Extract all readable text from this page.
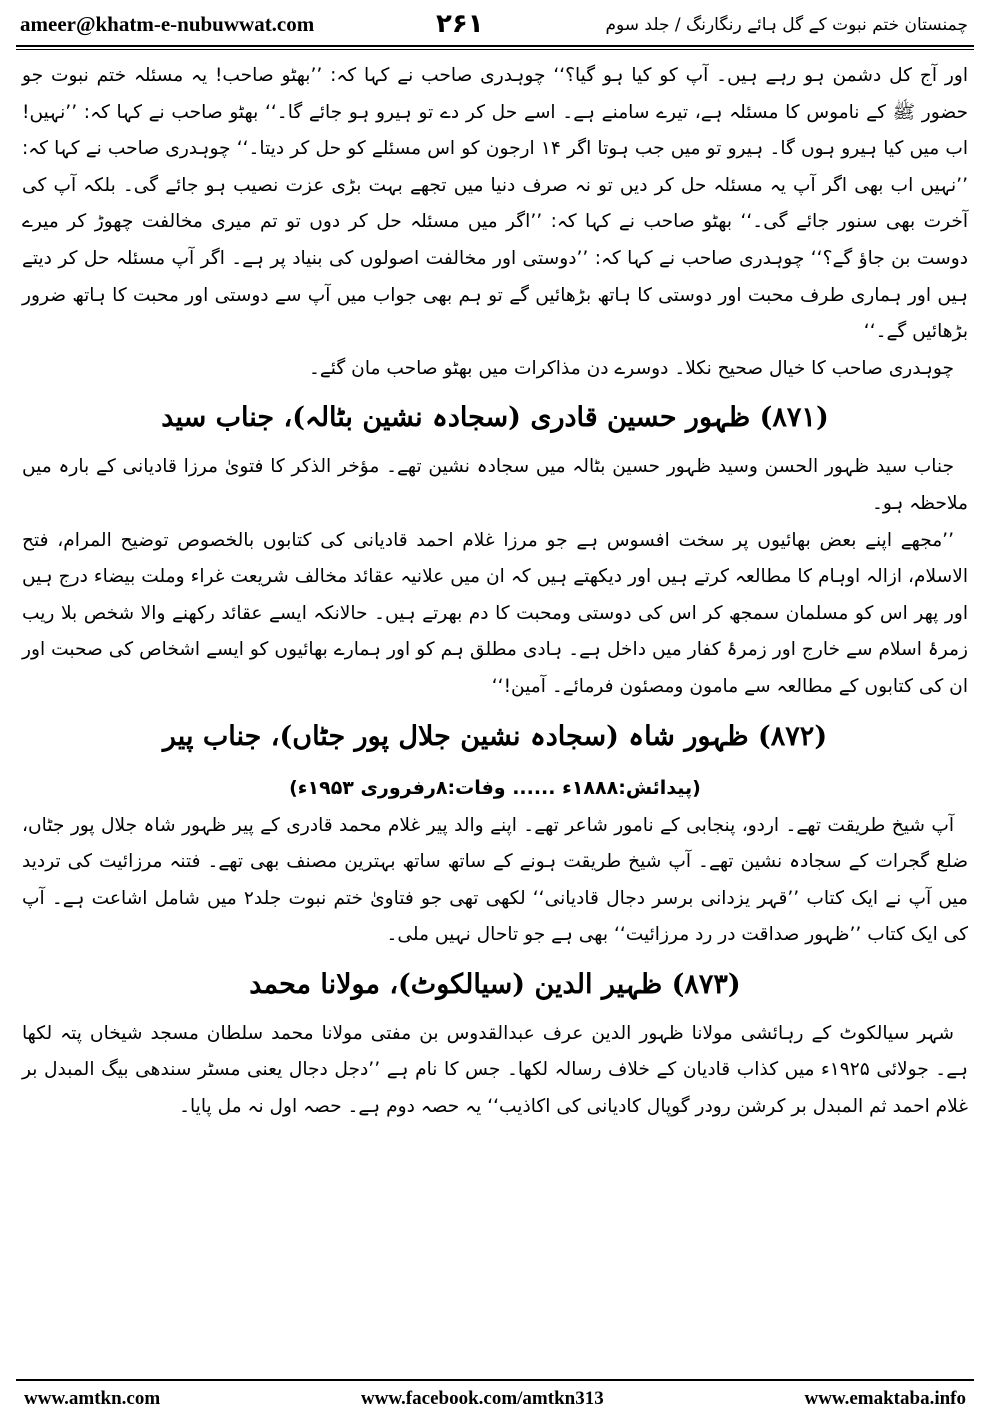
ameer@khatm-e-nubuwwat.com	۲۶۱	چمنستان ختم نبوت کے گل ہائے رنگارنگ / جلد سوم

اور آج کل دشمن ہو رہے ہیں۔ آپ کو کیا ہو گیا؟‘‘ چوہدری صاحب نے کہا کہ: ’’بھٹو صاحب! یہ مسئلہ ختم نبوت جو حضور ﷺ کے ناموس کا مسئلہ ہے، تیرے سامنے ہے۔ اسے حل کر دے تو ہیرو ہو جائے گا۔‘‘ بھٹو صاحب نے کہا کہ: ’’نہیں! اب میں کیا ہیرو ہوں گا۔ ہیرو تو میں جب ہوتا اگر ۱۴ ارجون کو اس مسئلے کو حل کر دیتا۔‘‘ چوہدری صاحب نے کہا کہ: ’’نہیں اب بھی اگر آپ یہ مسئلہ حل کر دیں تو نہ صرف دنیا میں تجھے بہت بڑی عزت نصیب ہو جائے گی۔ بلکہ آپ کی آخرت بھی سنور جائے گی۔‘‘ بھٹو صاحب نے کہا کہ: ’’اگر میں مسئلہ حل کر دوں تو تم میری مخالفت چھوڑ کر میرے دوست بن جاؤ گے؟‘‘ چوہدری صاحب نے کہا کہ: ’’دوستی اور مخالفت اصولوں کی بنیاد پر ہے۔ اگر آپ مسئلہ حل کر دیتے ہیں اور ہماری طرف محبت اور دوستی کا ہاتھ بڑھائیں گے تو ہم بھی جواب میں آپ سے دوستی اور محبت کا ہاتھ ضرور بڑھائیں گے۔‘‘

چوہدری صاحب کا خیال صحیح نکلا۔ دوسرے دن مذاکرات میں بھٹو صاحب مان گئے۔

(۸۷۱) ظہور حسین قادری (سجادہ نشین بٹالہ)، جناب سید

جناب سید ظہور الحسن وسید ظہور حسین بٹالہ میں سجادہ نشین تھے۔ مؤخر الذکر کا فتویٰ مرزا قادیانی کے بارہ میں ملاحظہ ہو۔

’’مجھے اپنے بعض بھائیوں پر سخت افسوس ہے جو مرزا غلام احمد قادیانی کی کتابوں بالخصوص توضیح المرام، فتح الاسلام، ازالہ اوہام کا مطالعہ کرتے ہیں اور دیکھتے ہیں کہ ان میں علانیہ عقائد مخالف شریعت غراء وملت بیضاء درج ہیں اور پھر اس کو مسلمان سمجھ کر اس کی دوستی ومحبت کا دم بھرتے ہیں۔ حالانکہ ایسے عقائد رکھنے والا شخص بلا ریب زمرۂ اسلام سے خارج اور زمرۂ کفار میں داخل ہے۔ ہادی مطلق ہم کو اور ہمارے بھائیوں کو ایسے اشخاص کی صحبت اور ان کی کتابوں کے مطالعہ سے مامون ومصئون فرمائے۔ آمین!‘‘

(۸۷۲) ظہور شاہ (سجادہ نشین جلال پور جٹاں)، جناب پیر

(پیدائش:۱۸۸۸ء ...... وفات:۸رفروری ۱۹۵۳ء)

آپ شیخ طریقت تھے۔ اردو، پنجابی کے نامور شاعر تھے۔ اپنے والد پیر غلام محمد قادری کے پیر ظہور شاہ جلال پور جٹاں، ضلع گجرات کے سجادہ نشین تھے۔ آپ شیخ طریقت ہونے کے ساتھ ساتھ بہترین مصنف بھی تھے۔ فتنہ مرزائیت کی تردید میں آپ نے ایک کتاب ’’قہر یزدانی برسر دجال قادیانی‘‘ لکھی تھی جو فتاویٰ ختم نبوت جلد۲ میں شامل اشاعت ہے۔ آپ کی ایک کتاب ’’ظہور صداقت در رد مرزائیت‘‘ بھی ہے جو تاحال نہیں ملی۔

(۸۷۳) ظہیر الدین (سیالکوٹ)، مولانا محمد

شہر سیالکوٹ کے رہائشی مولانا ظہور الدین عرف عبدالقدوس بن مفتی مولانا محمد سلطان مسجد شیخاں پتہ لکھا ہے۔ جولائی ۱۹۲۵ء میں کذاب قادیان کے خلاف رسالہ لکھا۔ جس کا نام ہے ’’دجل دجال یعنی مسٹر سندھی بیگ المبدل بر غلام احمد ثم المبدل بر کرشن رودر گوپال کادیانی کی اکاذیب‘‘ یہ حصہ دوم ہے۔ حصہ اول نہ مل پایا۔

www.amtkn.com	www.facebook.com/amtkn313	www.emaktaba.info
